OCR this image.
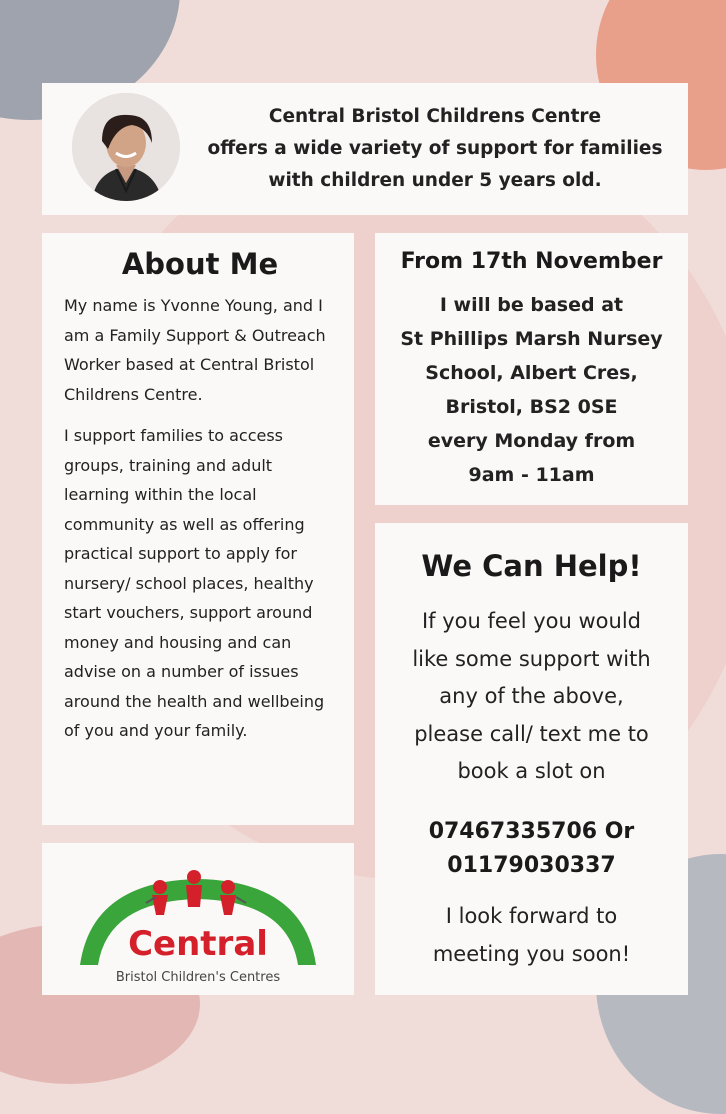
Central Bristol Childrens Centre
offers a wide variety of support for families
with children under 5 years old.
About Me

My name is Yvonne Young, and I am a Family Support & Outreach Worker based at Central Bristol Childrens Centre.

I support families to access groups, training and adult learning within the local community as well as offering practical support to apply for nursery/ school places, healthy start vouchers, support around money and housing and can advise on a number of issues around the health and wellbeing of you and your family.

From 17th November
I will be based at
St Phillips Marsh Nursey
School, Albert Cres,
Bristol, BS2 0SE
every Monday from
9am - 11am
We Can Help!
If you feel you would
like some support with
any of the above,
please call/ text me to
book a slot on
07467335706 Or
01179030337
I look forward to
meeting you soon!
Central
Bristol Children's Centres
